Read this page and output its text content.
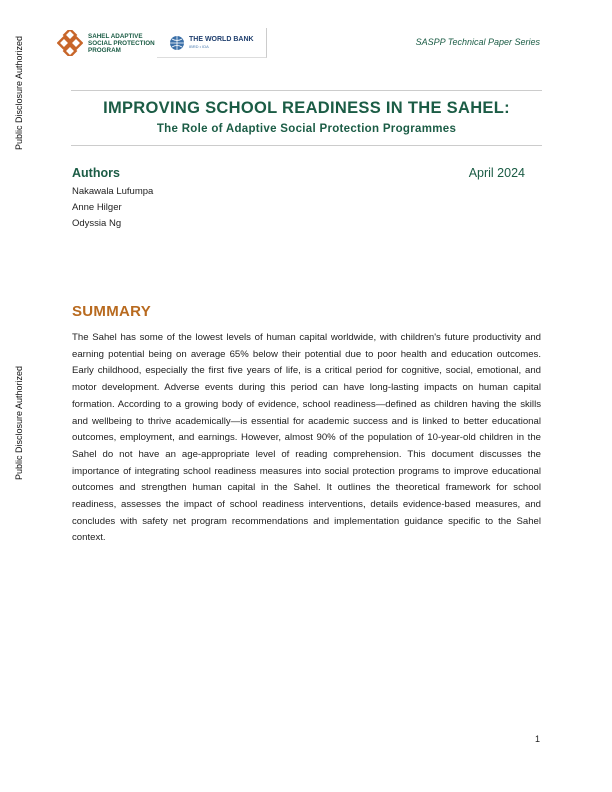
Public Disclosure Authorized
Public Disclosure Authorized
SAHEL ADAPTIVE SOCIAL PROTECTION PROGRAM
THE WORLD BANK
IBRD • IDA	SASPP Technical Paper Series
IMPROVING SCHOOL READINESS IN THE SAHEL:
The Role of Adaptive Social Protection Programmes
Authors	April 2024
Nakawala Lufumpa
Anne Hilger
Odyssia Ng
SUMMARY

The Sahel has some of the lowest levels of human capital worldwide, with children's future productivity and earning potential being on average 65% below their potential due to poor health and education outcomes. Early childhood, especially the first five years of life, is a critical period for cognitive, social, emotional, and motor development. Adverse events during this period can have long-lasting impacts on human capital formation. According to a growing body of evidence, school readiness—defined as children having the skills and wellbeing to thrive academically—is essential for academic success and is linked to better educational outcomes, employment, and earnings. However, almost 90% of the population of 10-year-old children in the Sahel do not have an age-appropriate level of reading comprehension. This document discusses the importance of integrating school readiness measures into social protection programs to improve educational outcomes and strengthen human capital in the Sahel. It outlines the theoretical framework for school readiness, assesses the impact of school readiness interventions, details evidence-based measures, and concludes with safety net program recommendations and implementation guidance specific to the Sahel context.

1
